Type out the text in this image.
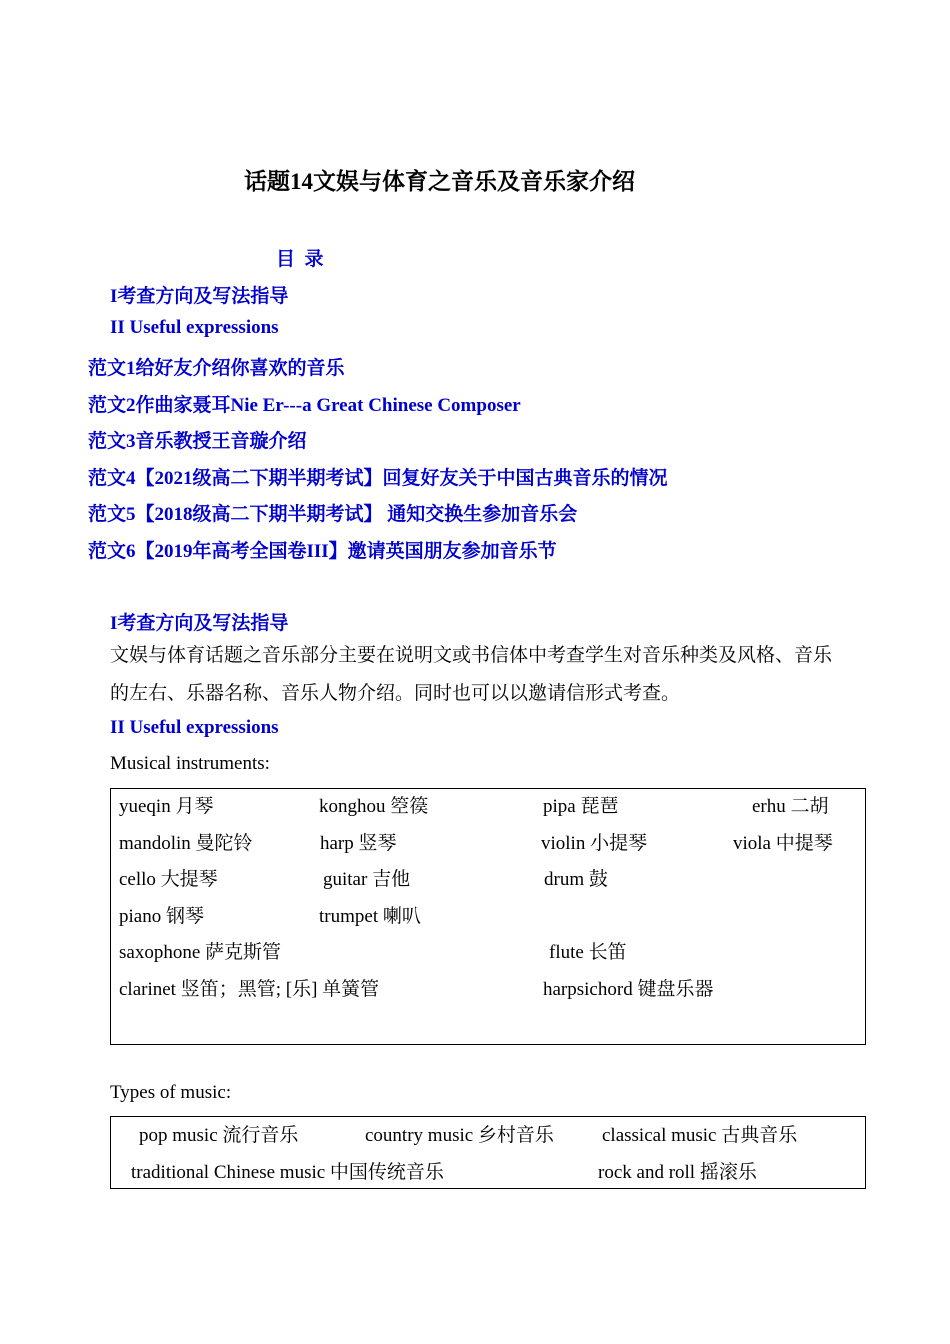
话题14文娱与体育之音乐及音乐家介绍
目  录
I考查方向及写法指导
II Useful expressions
范文1给好友介绍你喜欢的音乐
范文2作曲家聂耳Nie Er---a Great Chinese Composer
范文3音乐教授王音璇介绍
范文4【2021级高二下期半期考试】回复好友关于中国古典音乐的情况
范文5【2018级高二下期半期考试】 通知交换生参加音乐会
范文6【2019年高考全国卷III】邀请英国朋友参加音乐节
I考查方向及写法指导
文娱与体育话题之音乐部分主要在说明文或书信体中考查学生对音乐种类及风格、音乐
的左右、乐器名称、音乐人物介绍。同时也可以以邀请信形式考查。
II Useful expressions
Musical instruments:
yueqin 月琴	konghou 箜篌	pipa 琵琶	erhu 二胡
mandolin 曼陀铃	harp 竖琴	violin 小提琴	viola 中提琴
cello 大提琴	guitar 吉他	drum 鼓
piano 钢琴	trumpet 喇叭
saxophone 萨克斯管	flute 长笛
clarinet 竖笛；黑管; [乐] 单簧管	harpsichord 键盘乐器
Types of music:
pop music 流行音乐	country music 乡村音乐	classical music 古典音乐
traditional Chinese music 中国传统音乐	rock and roll 摇滚乐
